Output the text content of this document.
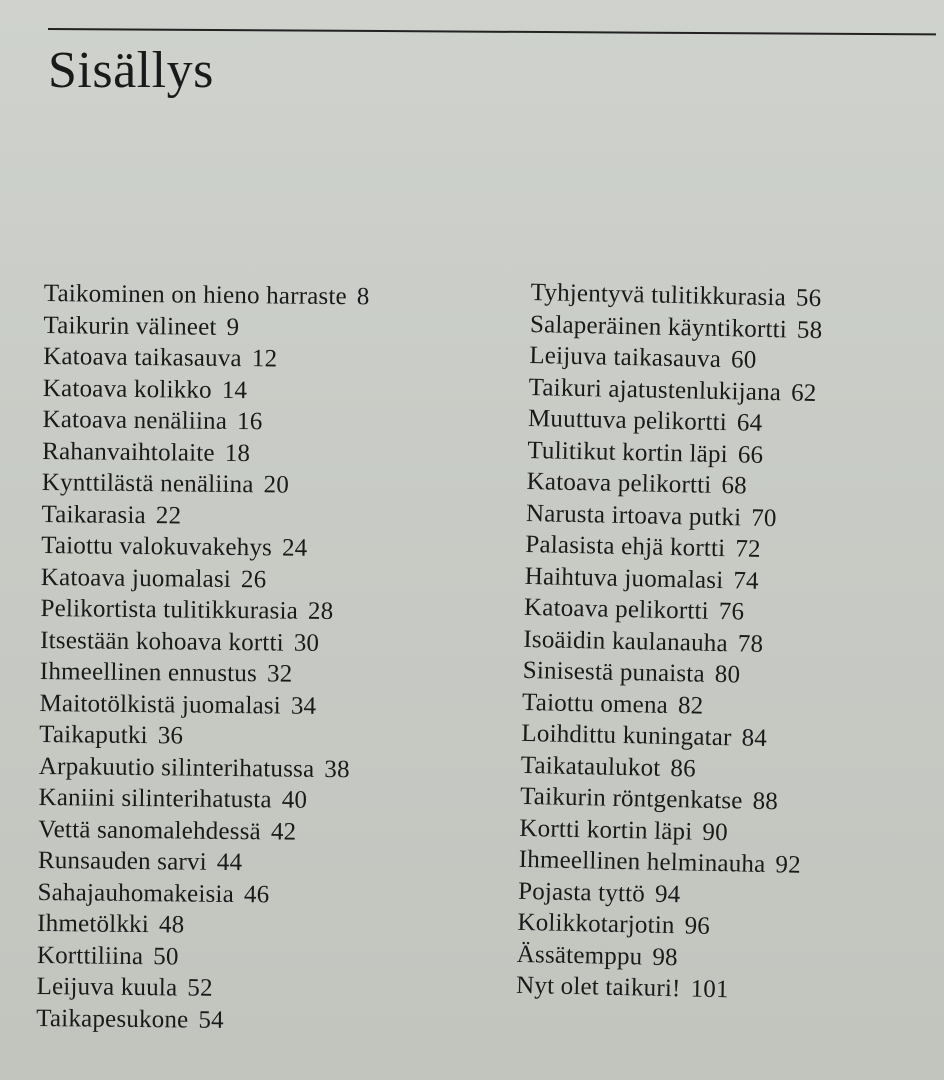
Sisällys
Taikominen on hieno harraste 8
Taikurin välineet 9
Katoava taikasauva 12
Katoava kolikko 14
Katoava nenäliina 16
Rahanvaihtolaite 18
Kynttilästä nenäliina 20
Taikarasia 22
Taiottu valokuvakehys 24
Katoava juomalasi 26
Pelikortista tulitikkurasia 28
Itsestään kohoava kortti 30
Ihmeellinen ennustus 32
Maitotölkistä juomalasi 34
Taikaputki 36
Arpakuutio silinterihatussa 38
Kaniini silinterihatusta 40
Vettä sanomalehdessä 42
Runsauden sarvi 44
Sahajauhomakeisia 46
Ihmetölkki 48
Korttiliina 50
Leijuva kuula 52
Taikapesukone 54
Tyhjentyvä tulitikkurasia 56
Salaperäinen käyntikortti 58
Leijuva taikasauva 60
Taikuri ajatustenlukijana 62
Muuttuva pelikortti 64
Tulitikut kortin läpi 66
Katoava pelikortti 68
Narusta irtoava putki 70
Palasista ehjä kortti 72
Haihtuva juomalasi 74
Katoava pelikortti 76
Isoäidin kaulanauha 78
Sinisestä punaista 80
Taiottu omena 82
Loihdittu kuningatar 84
Taikataulukot 86
Taikurin röntgenkatse 88
Kortti kortin läpi 90
Ihmeellinen helminauha 92
Pojasta tyttö 94
Kolikkotarjotin 96
Ässätemppu 98
Nyt olet taikuri! 101
